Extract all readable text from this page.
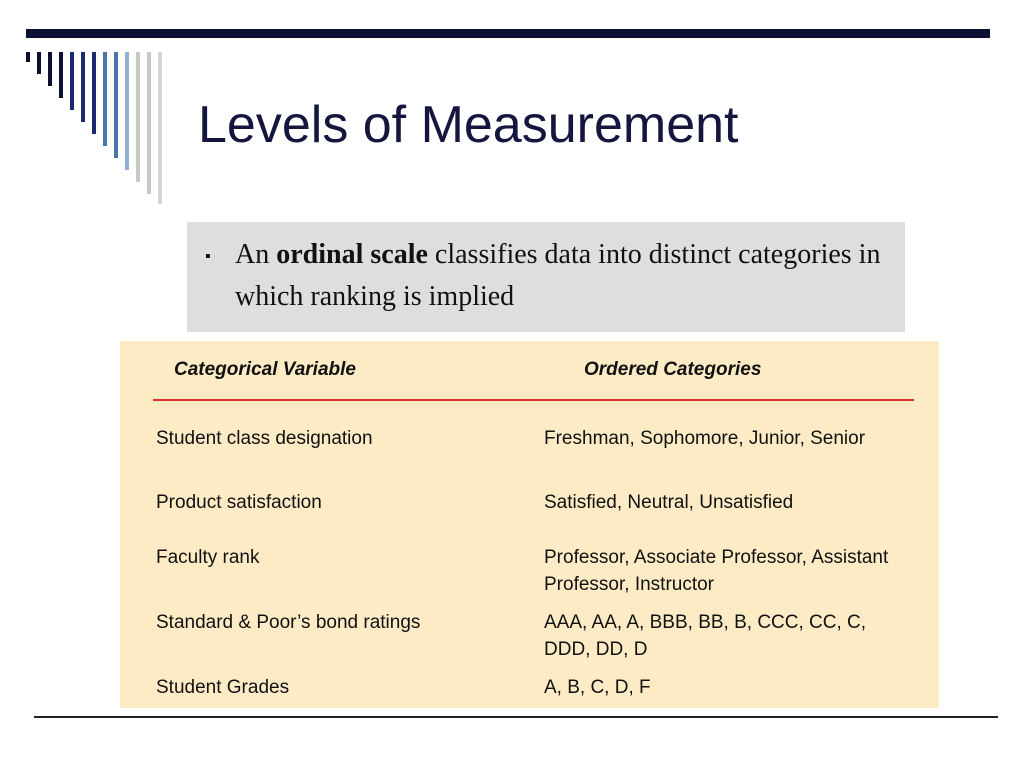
Levels of Measurement
▪ An ordinal scale classifies data into distinct categories in which ranking is implied
Categorical Variable	Ordered Categories
Student class designation	Freshman, Sophomore, Junior, Senior
Product satisfaction	Satisfied, Neutral, Unsatisfied
Faculty rank	Professor, Associate Professor, Assistant Professor, Instructor
Standard & Poor’s bond ratings	AAA, AA, A, BBB, BB, B, CCC, CC, C, DDD, DD, D
Student Grades	A, B, C, D, F
